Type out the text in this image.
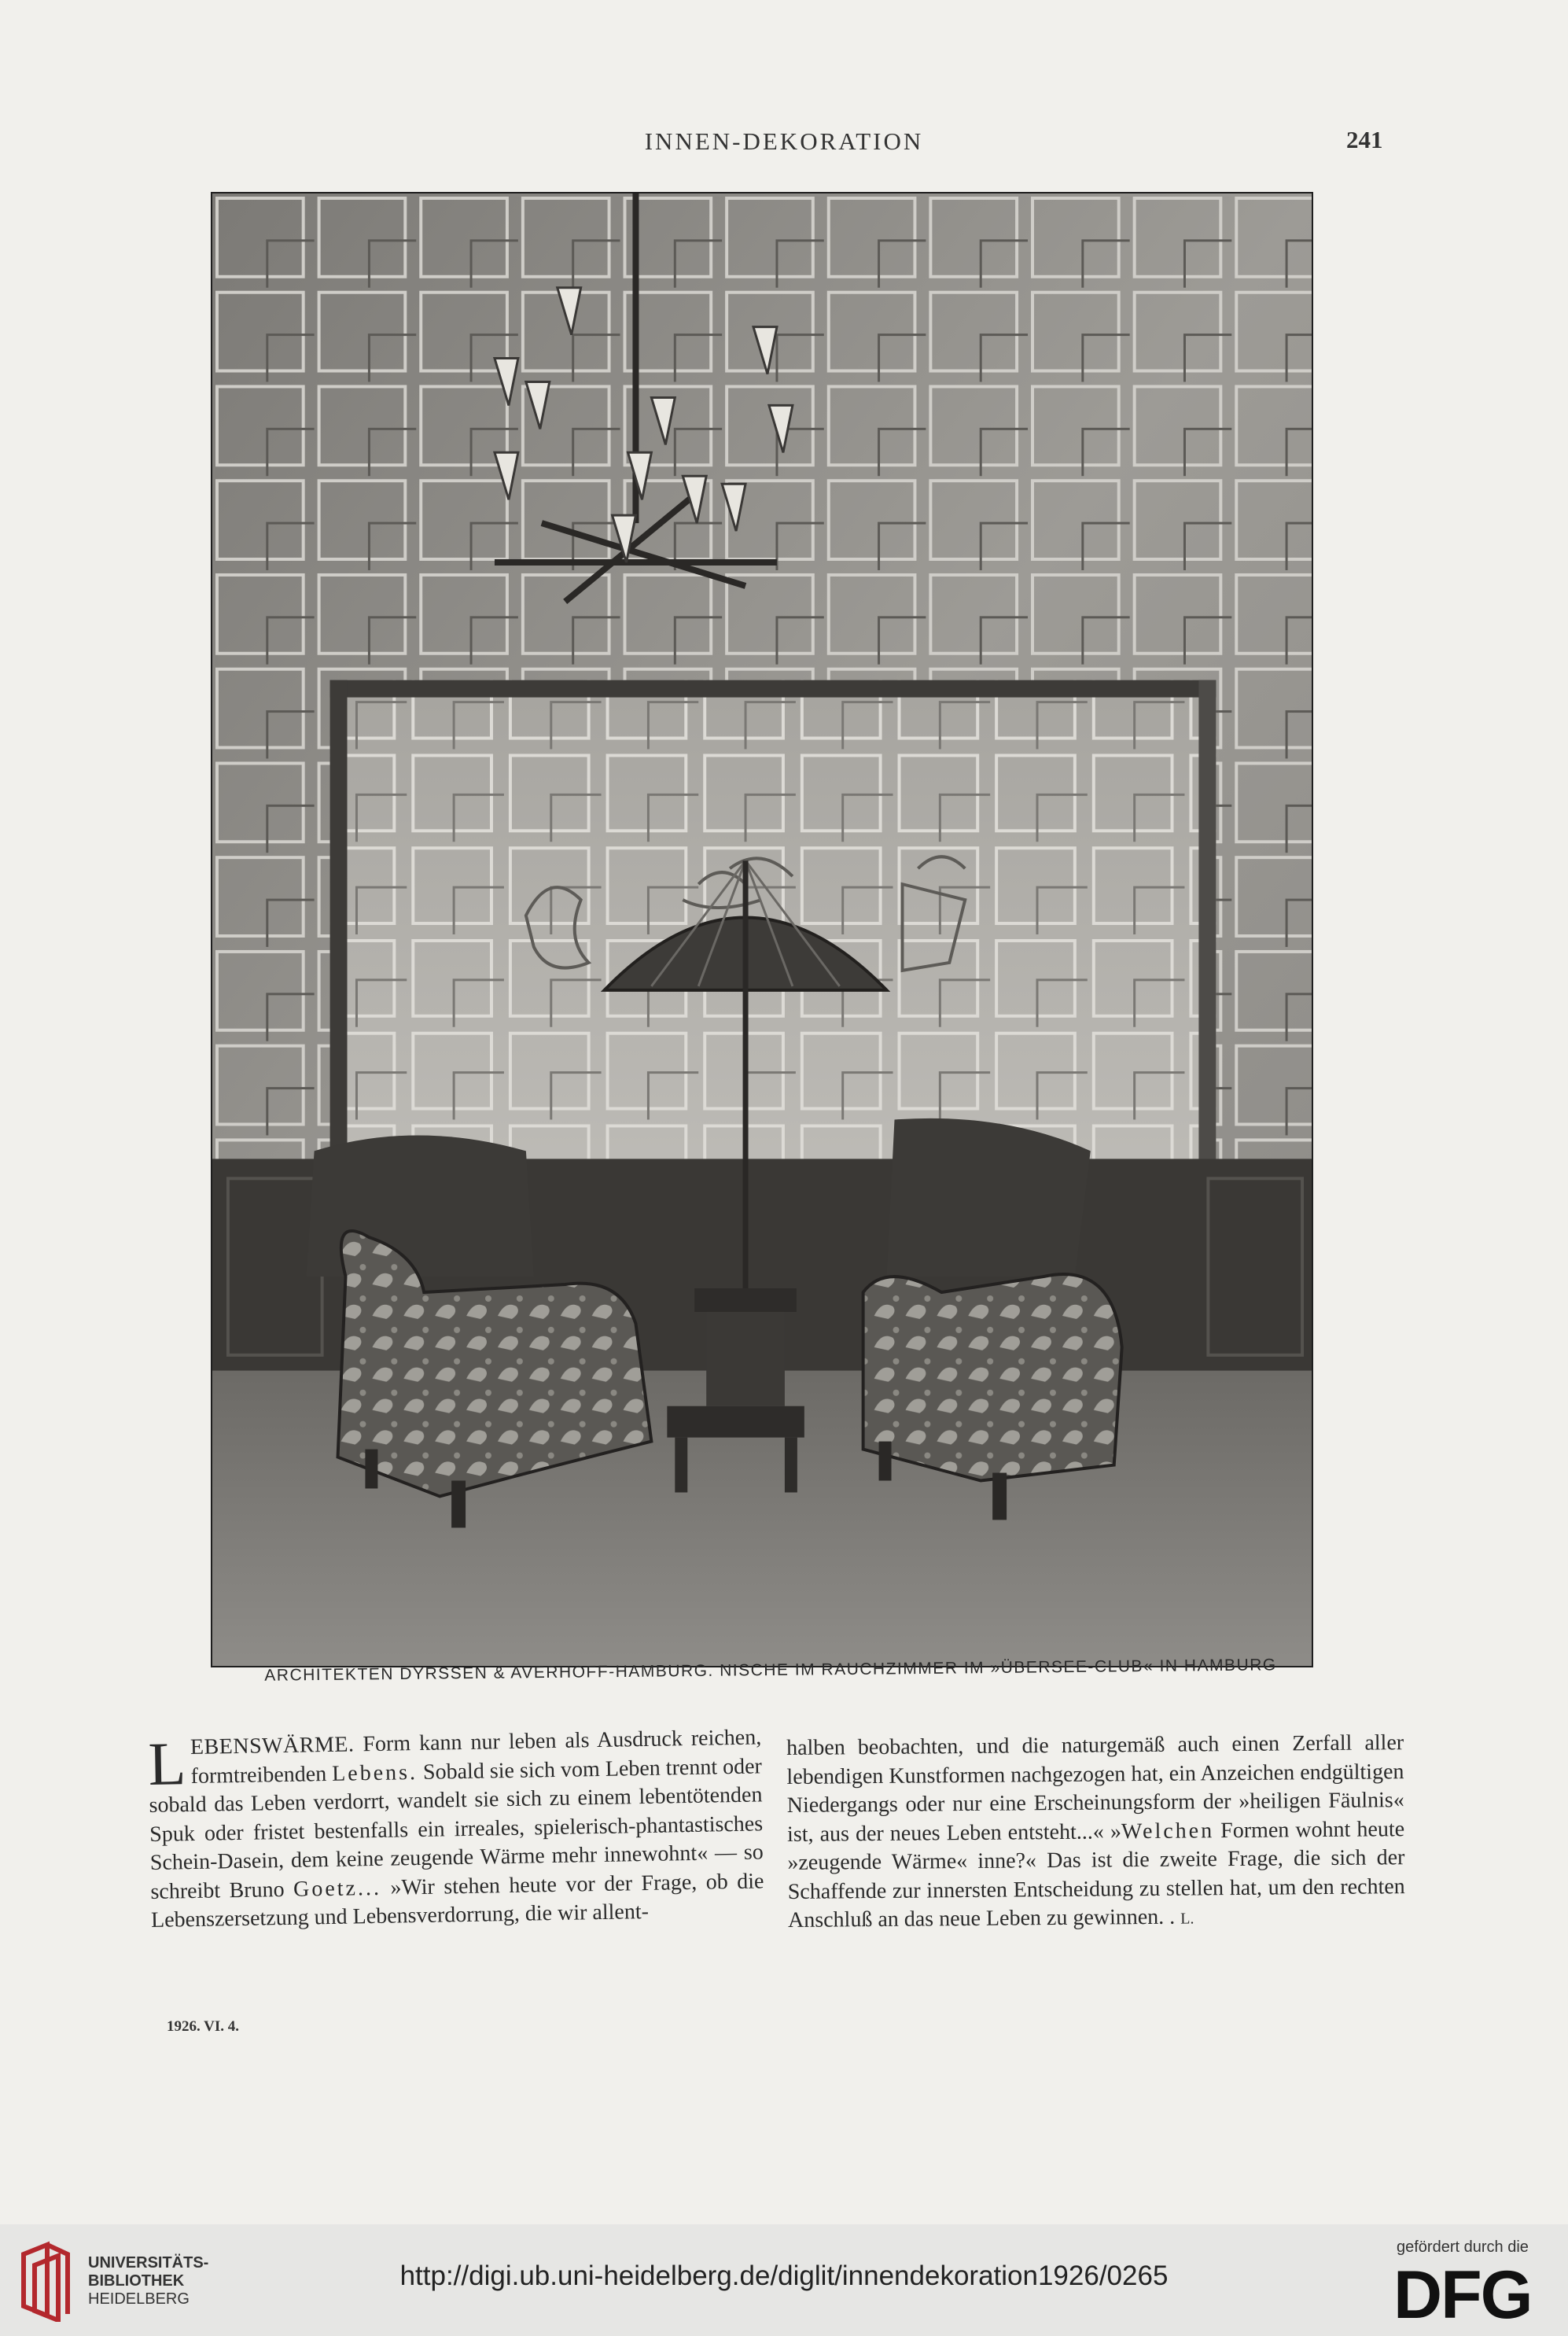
INNEN-DEKORATION	241
ARCHITEKTEN DYRSSEN & AVERHOFF-HAMBURG. NISCHE IM RAUCHZIMMER IM »ÜBERSEE-CLUB« IN HAMBURG
LEBENSWÄRME. Form kann nur leben als Ausdruck reichen, formtreibenden Lebens. Sobald sie sich vom Leben trennt oder sobald das Leben verdorrt, wandelt sie sich zu einem lebentötenden Spuk oder fristet bestenfalls ein irreales, spielerisch-phantastisches Schein-Dasein, dem keine zeugende Wärme mehr innewohnt« — so schreibt Bruno Goetz... »Wir stehen heute vor der Frage, ob die Lebenszersetzung und Lebensverdorrung, die wir allent-
halben beobachten, und die naturgemäß auch einen Zerfall aller lebendigen Kunstformen nachgezogen hat, ein Anzeichen endgültigen Niedergangs oder nur eine Erscheinungsform der »heiligen Fäulnis« ist, aus der neues Leben entsteht...« »Welchen Formen wohnt heute »zeugende Wärme« inne?« Das ist die zweite Frage, die sich der Schaffende zur innersten Entscheidung zu stellen hat, um den rechten Anschluß an das neue Leben zu gewinnen. . L.
1926. VI. 4.
UNIVERSITÄTS-
BIBLIOTHEK
HEIDELBERG
http://digi.ub.uni-heidelberg.de/diglit/innendekoration1926/0265
gefördert durch die
DFG
